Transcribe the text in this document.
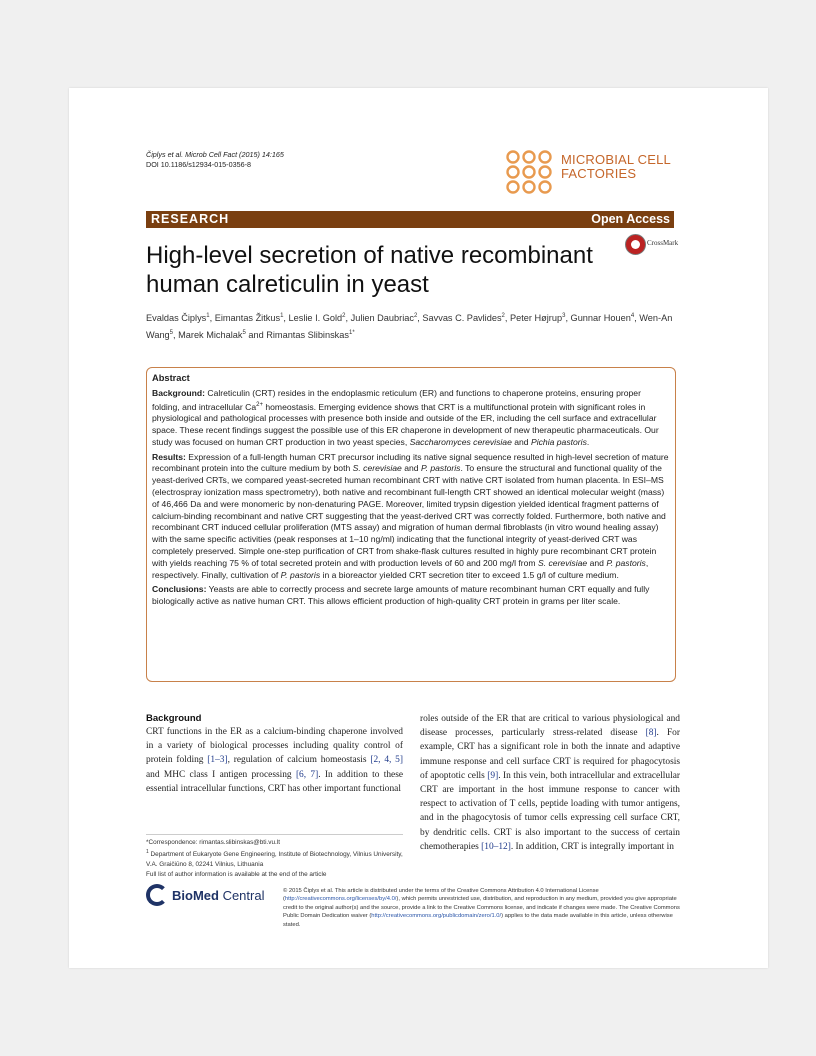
Čiplys et al. Microb Cell Fact (2015) 14:165
DOI 10.1186/s12934-015-0356-8	MICROBIAL CELL
FACTORIES
RESEARCH	Open Access
CrossMark
High-level secretion of native recombinant human calreticulin in yeast
Evaldas Čiplys$^1$, Eimantas Žitkus$^1$, Leslie I. Gold$^2$, Julien Daubriac$^2$, Savvas C. Pavlides$^2$, Peter Højrup$^3$, Gunnar Houen$^4$, Wen-An Wang$^5$, Marek Michalak$^5$ and Rimantas Slibinskas$^{1*}$
Abstract

Background: Calreticulin (CRT) resides in the endoplasmic reticulum (ER) and functions to chaperone proteins, ensuring proper folding, and intracellular $Ca^{2+}$ homeostasis. Emerging evidence shows that CRT is a multifunctional protein with significant roles in physiological and pathological processes with presence both inside and outside of the ER, including the cell surface and extracellular space. These recent findings suggest the possible use of this ER chaperone in development of new therapeutic pharmaceuticals. Our study was focused on human CRT production in two yeast species, Saccharomyces cerevisiae and Pichia pastoris.

Results: Expression of a full-length human CRT precursor including its native signal sequence resulted in high-level secretion of mature recombinant protein into the culture medium by both S. cerevisiae and P. pastoris. To ensure the structural and functional quality of the yeast-derived CRTs, we compared yeast-secreted human recombinant CRT with native CRT isolated from human placenta. In ESI–MS (electrospray ionization mass spectrometry), both native and recombinant full-length CRT showed an identical molecular weight (mass) of 46,466 Da and were monomeric by non-denaturing PAGE. Moreover, limited trypsin digestion yielded identical fragment patterns of calcium-binding recombinant and native CRT suggesting that the yeast-derived CRT was correctly folded. Furthermore, both native and recombinant CRT induced cellular proliferation (MTS assay) and migration of human dermal fibroblasts (in vitro wound healing assay) with the same specific activities (peak responses at 1–10 ng/ml) indicating that the functional integrity of yeast-derived CRT was completely preserved. Simple one-step purification of CRT from shake-flask cultures resulted in highly pure recombinant CRT protein with yields reaching 75 % of total secreted protein and with production levels of 60 and 200 mg/l from S. cerevisiae and P. pastoris, respectively. Finally, cultivation of P. pastoris in a bioreactor yielded CRT secretion titer to exceed 1.5 g/l of culture medium.

Conclusions: Yeasts are able to correctly process and secrete large amounts of mature recombinant human CRT equally and fully biologically active as native human CRT. This allows efficient production of high-quality CRT protein in grams per liter scale.

Background
CRT functions in the ER as a calcium-binding chaperone involved in a variety of biological processes including quality control of protein folding [1–3], regulation of calcium homeostasis [2, 4, 5] and MHC class I antigen processing [6, 7]. In addition to these essential intracellular functions, CRT has other important functional
roles outside of the ER that are critical to various physiological and disease processes, particularly stress-related disease [8]. For example, CRT has a significant role in both the innate and adaptive immune response and cell surface CRT is required for phagocytosis of apoptotic cells [9]. In this vein, both intracellular and extracellular CRT are important in the host immune response to cancer with respect to activation of T cells, peptide loading with tumor antigens, and in the phagocytosis of tumor cells expressing cell surface CRT, by dendritic cells. CRT is also important to the success of certain chemotherapies [10–12]. In addition, CRT is integrally important in
*Correspondence: rimantas.slibinskas@bti.vu.lt
$^1$ Department of Eukaryote Gene Engineering, Institute of Biotechnology, Vilnius University, V.A. Graičiūno 8, 02241 Vilnius, Lithuania
Full list of author information is available at the end of the article
BioMed Central	© 2015 Čiplys et al. This article is distributed under the terms of the Creative Commons Attribution 4.0 International License (http://creativecommons.org/licenses/by/4.0/), which permits unrestricted use, distribution, and reproduction in any medium, provided you give appropriate credit to the original author(s) and the source, provide a link to the Creative Commons license, and indicate if changes were made. The Creative Commons Public Domain Dedication waiver (http://creativecommons.org/publicdomain/zero/1.0/) applies to the data made available in this article, unless otherwise stated.
